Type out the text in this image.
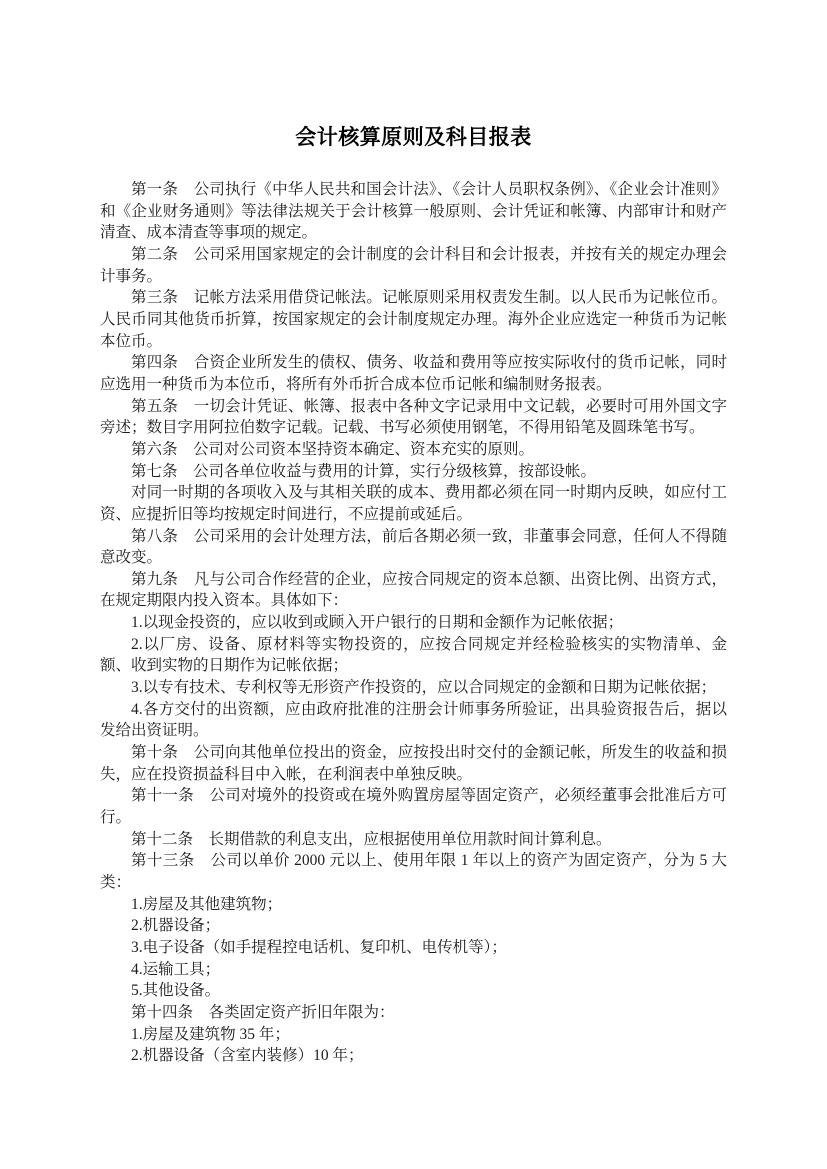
会计核算原则及科目报表

第一条　公司执行《中华人民共和国会计法》、《会计人员职权条例》、《企业会计准则》和《企业财务通则》等法律法规关于会计核算一般原则、会计凭证和帐簿、内部审计和财产清查、成本清查等事项的规定。

第二条　公司采用国家规定的会计制度的会计科目和会计报表，并按有关的规定办理会计事务。

第三条　记帐方法采用借贷记帐法。记帐原则采用权责发生制。以人民币为记帐位币。人民币同其他货币折算，按国家规定的会计制度规定办理。海外企业应选定一种货币为记帐本位币。

第四条　合资企业所发生的债权、债务、收益和费用等应按实际收付的货币记帐，同时应选用一种货币为本位币，将所有外币折合成本位币记帐和编制财务报表。

第五条　一切会计凭证、帐簿、报表中各种文字记录用中文记载，必要时可用外国文字旁述；数目字用阿拉伯数字记载。记载、书写必须使用钢笔，不得用铅笔及圆珠笔书写。

第六条　公司对公司资本坚持资本确定、资本充实的原则。

第七条　公司各单位收益与费用的计算，实行分级核算，按部设帐。

对同一时期的各项收入及与其相关联的成本、费用都必须在同一时期内反映，如应付工资、应提折旧等均按规定时间进行，不应提前或延后。

第八条　公司采用的会计处理方法，前后各期必须一致，非董事会同意，任何人不得随意改变。

第九条　凡与公司合作经营的企业，应按合同规定的资本总额、出资比例、出资方式，在规定期限内投入资本。具体如下：

1.以现金投资的，应以收到或顾入开户银行的日期和金额作为记帐依据；

2.以厂房、设备、原材料等实物投资的，应按合同规定并经检验核实的实物清单、金额、收到实物的日期作为记帐依据；

3.以专有技术、专利权等无形资产作投资的，应以合同规定的金额和日期为记帐依据；

4.各方交付的出资额，应由政府批准的注册会计师事务所验证，出具验资报告后，据以发给出资证明。

第十条　公司向其他单位投出的资金，应按投出时交付的金额记帐，所发生的收益和损失，应在投资损益科目中入帐，在利润表中单独反映。

第十一条　公司对境外的投资或在境外购置房屋等固定资产，必须经董事会批准后方可行。

第十二条　长期借款的利息支出，应根据使用单位用款时间计算利息。

第十三条　公司以单价 2000 元以上、使用年限 1 年以上的资产为固定资产，分为 5 大类：

1.房屋及其他建筑物；

2.机器设备；

3.电子设备（如手提程控电话机、复印机、电传机等）；

4.运输工具；

5.其他设备。

第十四条　各类固定资产折旧年限为：

1.房屋及建筑物 35 年；

2.机器设备（含室内装修）10 年；
